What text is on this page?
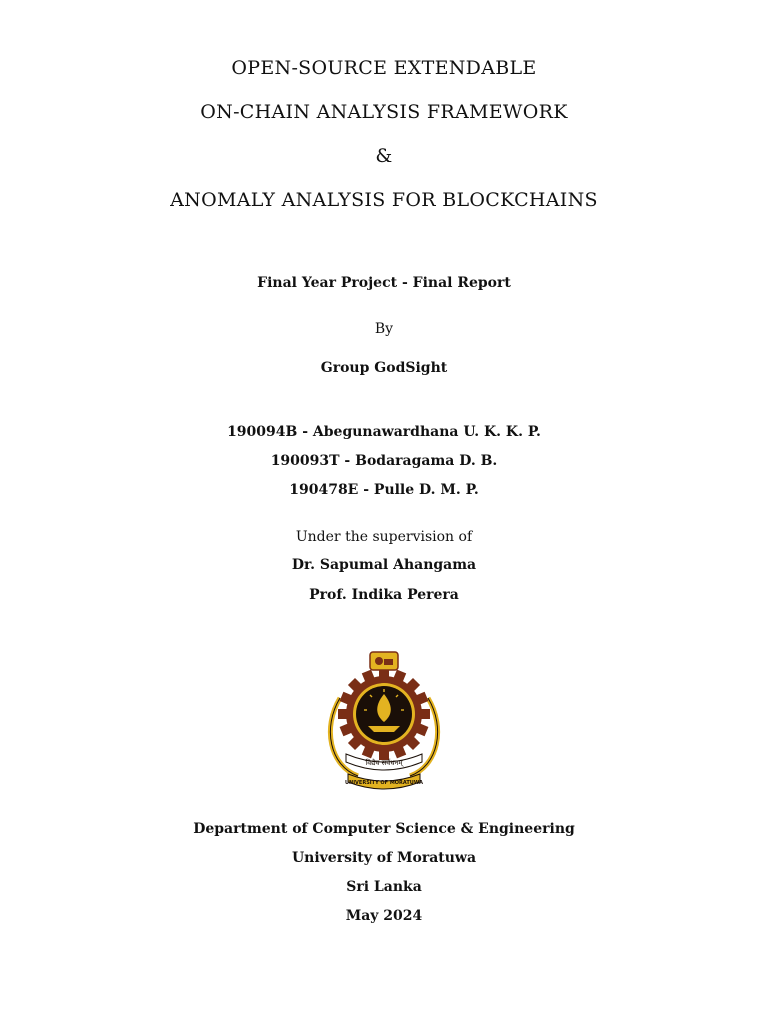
OPEN-SOURCE EXTENDABLE
ON-CHAIN ANALYSIS FRAMEWORK
&
ANOMALY ANALYSIS FOR BLOCKCHAINS
Final Year Project - Final Report
By
Group GodSight
190094B - Abegunawardhana U. K. K. P.
190093T - Bodaragama D. B.
190478E - Pulle D. M. P.
Under the supervision of
Dr. Sapumal Ahangama
Prof. Indika Perera
विद्यैव सर्वधनम्
UNIVERSITY OF MORATUWA
Department of Computer Science & Engineering
University of Moratuwa
Sri Lanka
May 2024
